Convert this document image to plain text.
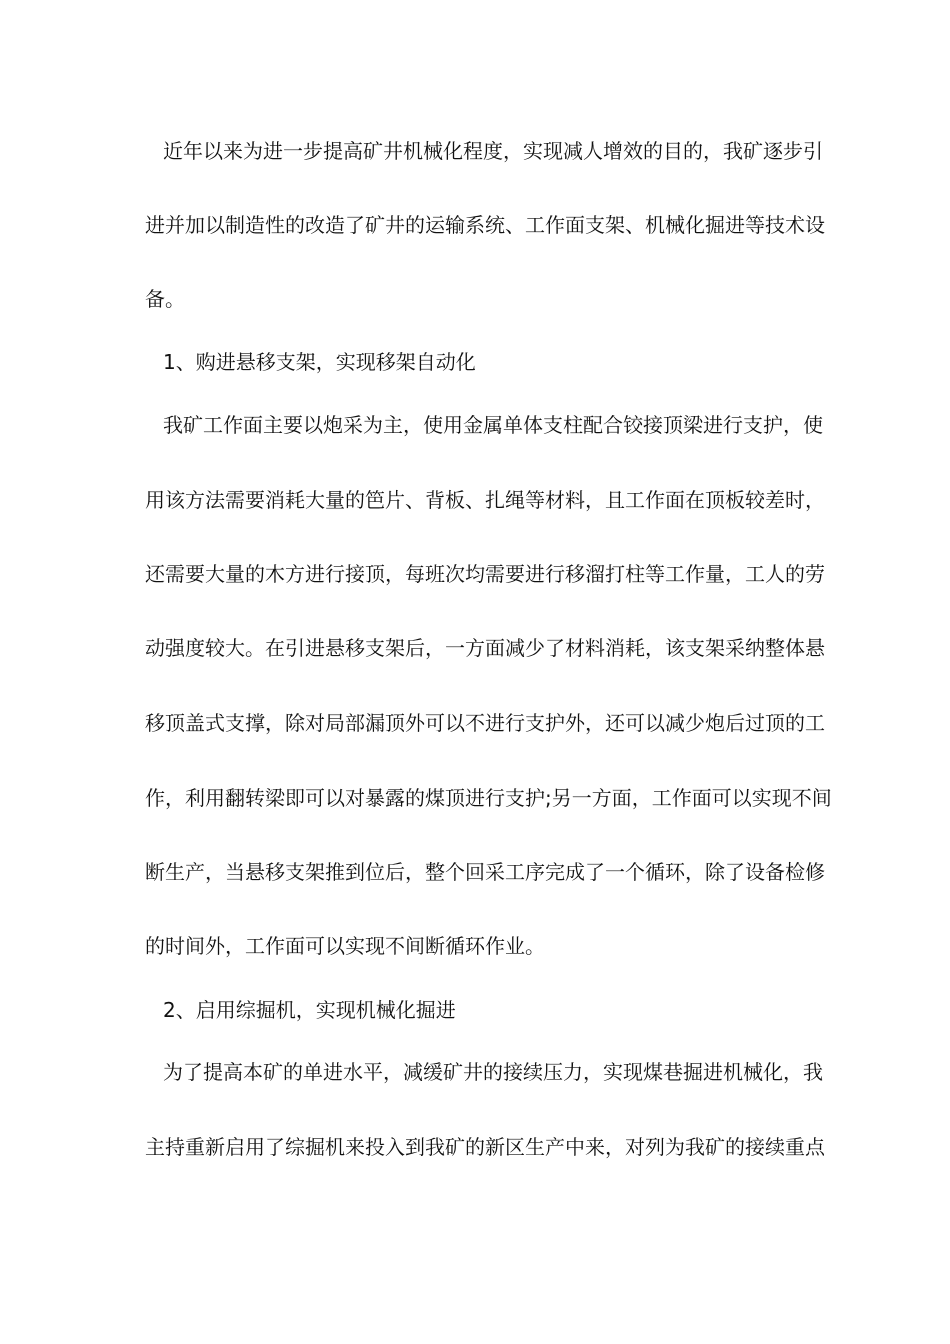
近年以来为进一步提高矿井机械化程度，实现减人增效的目的，我矿逐步引
进并加以制造性的改造了矿井的运输系统、工作面支架、机械化掘进等技术设
备。
1、购进悬移支架，实现移架自动化
我矿工作面主要以炮采为主，使用金属单体支柱配合铰接顶梁进行支护，使
用该方法需要消耗大量的笆片、背板、扎绳等材料，且工作面在顶板较差时，
还需要大量的木方进行接顶，每班次均需要进行移溜打柱等工作量，工人的劳
动强度较大。在引进悬移支架后，一方面减少了材料消耗，该支架采纳整体悬
移顶盖式支撑，除对局部漏顶外可以不进行支护外，还可以减少炮后过顶的工
作，利用翻转梁即可以对暴露的煤顶进行支护;另一方面，工作面可以实现不间
断生产，当悬移支架推到位后，整个回采工序完成了一个循环，除了设备检修
的时间外，工作面可以实现不间断循环作业。
2、启用综掘机，实现机械化掘进
为了提高本矿的单进水平，减缓矿井的接续压力，实现煤巷掘进机械化，我
主持重新启用了综掘机来投入到我矿的新区生产中来，对列为我矿的接续重点
